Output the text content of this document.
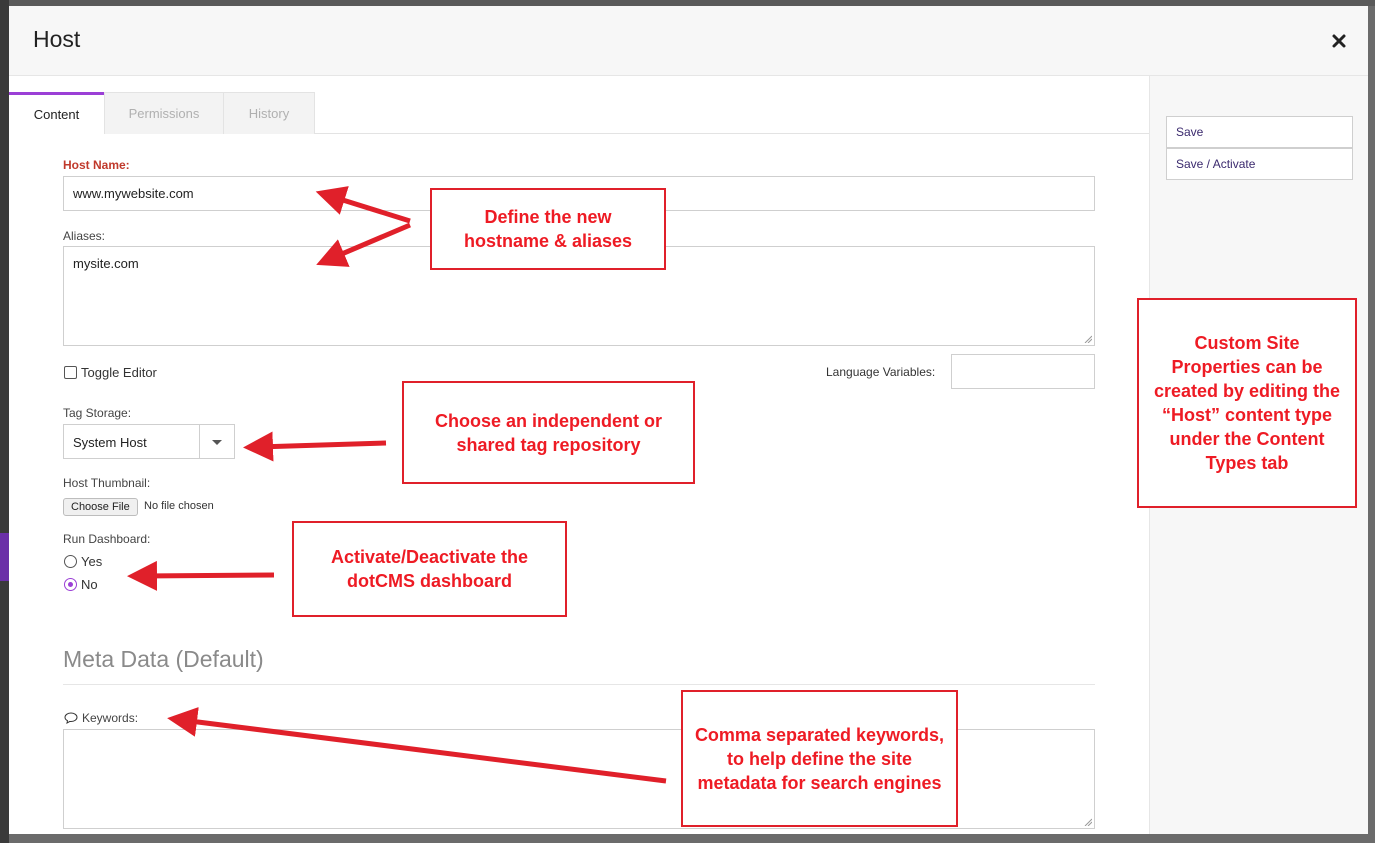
Host
Content	Permissions	History
Host Name:
www.mywebsite.com
Aliases:
mysite.com
Toggle Editor	Language Variables:
Tag Storage:
System Host
Host Thumbnail:
Choose File	No file chosen
Run Dashboard:
Yes
No
Meta Data (Default)
Keywords:
Save
Save / Activate
Define the new hostname & aliases
Choose an independent or shared tag repository
Activate/Deactivate the dotCMS dashboard
Comma separated keywords, to help define the site metadata for search engines
Custom Site Properties can be created by editing the “Host” content type under the Content Types tab
